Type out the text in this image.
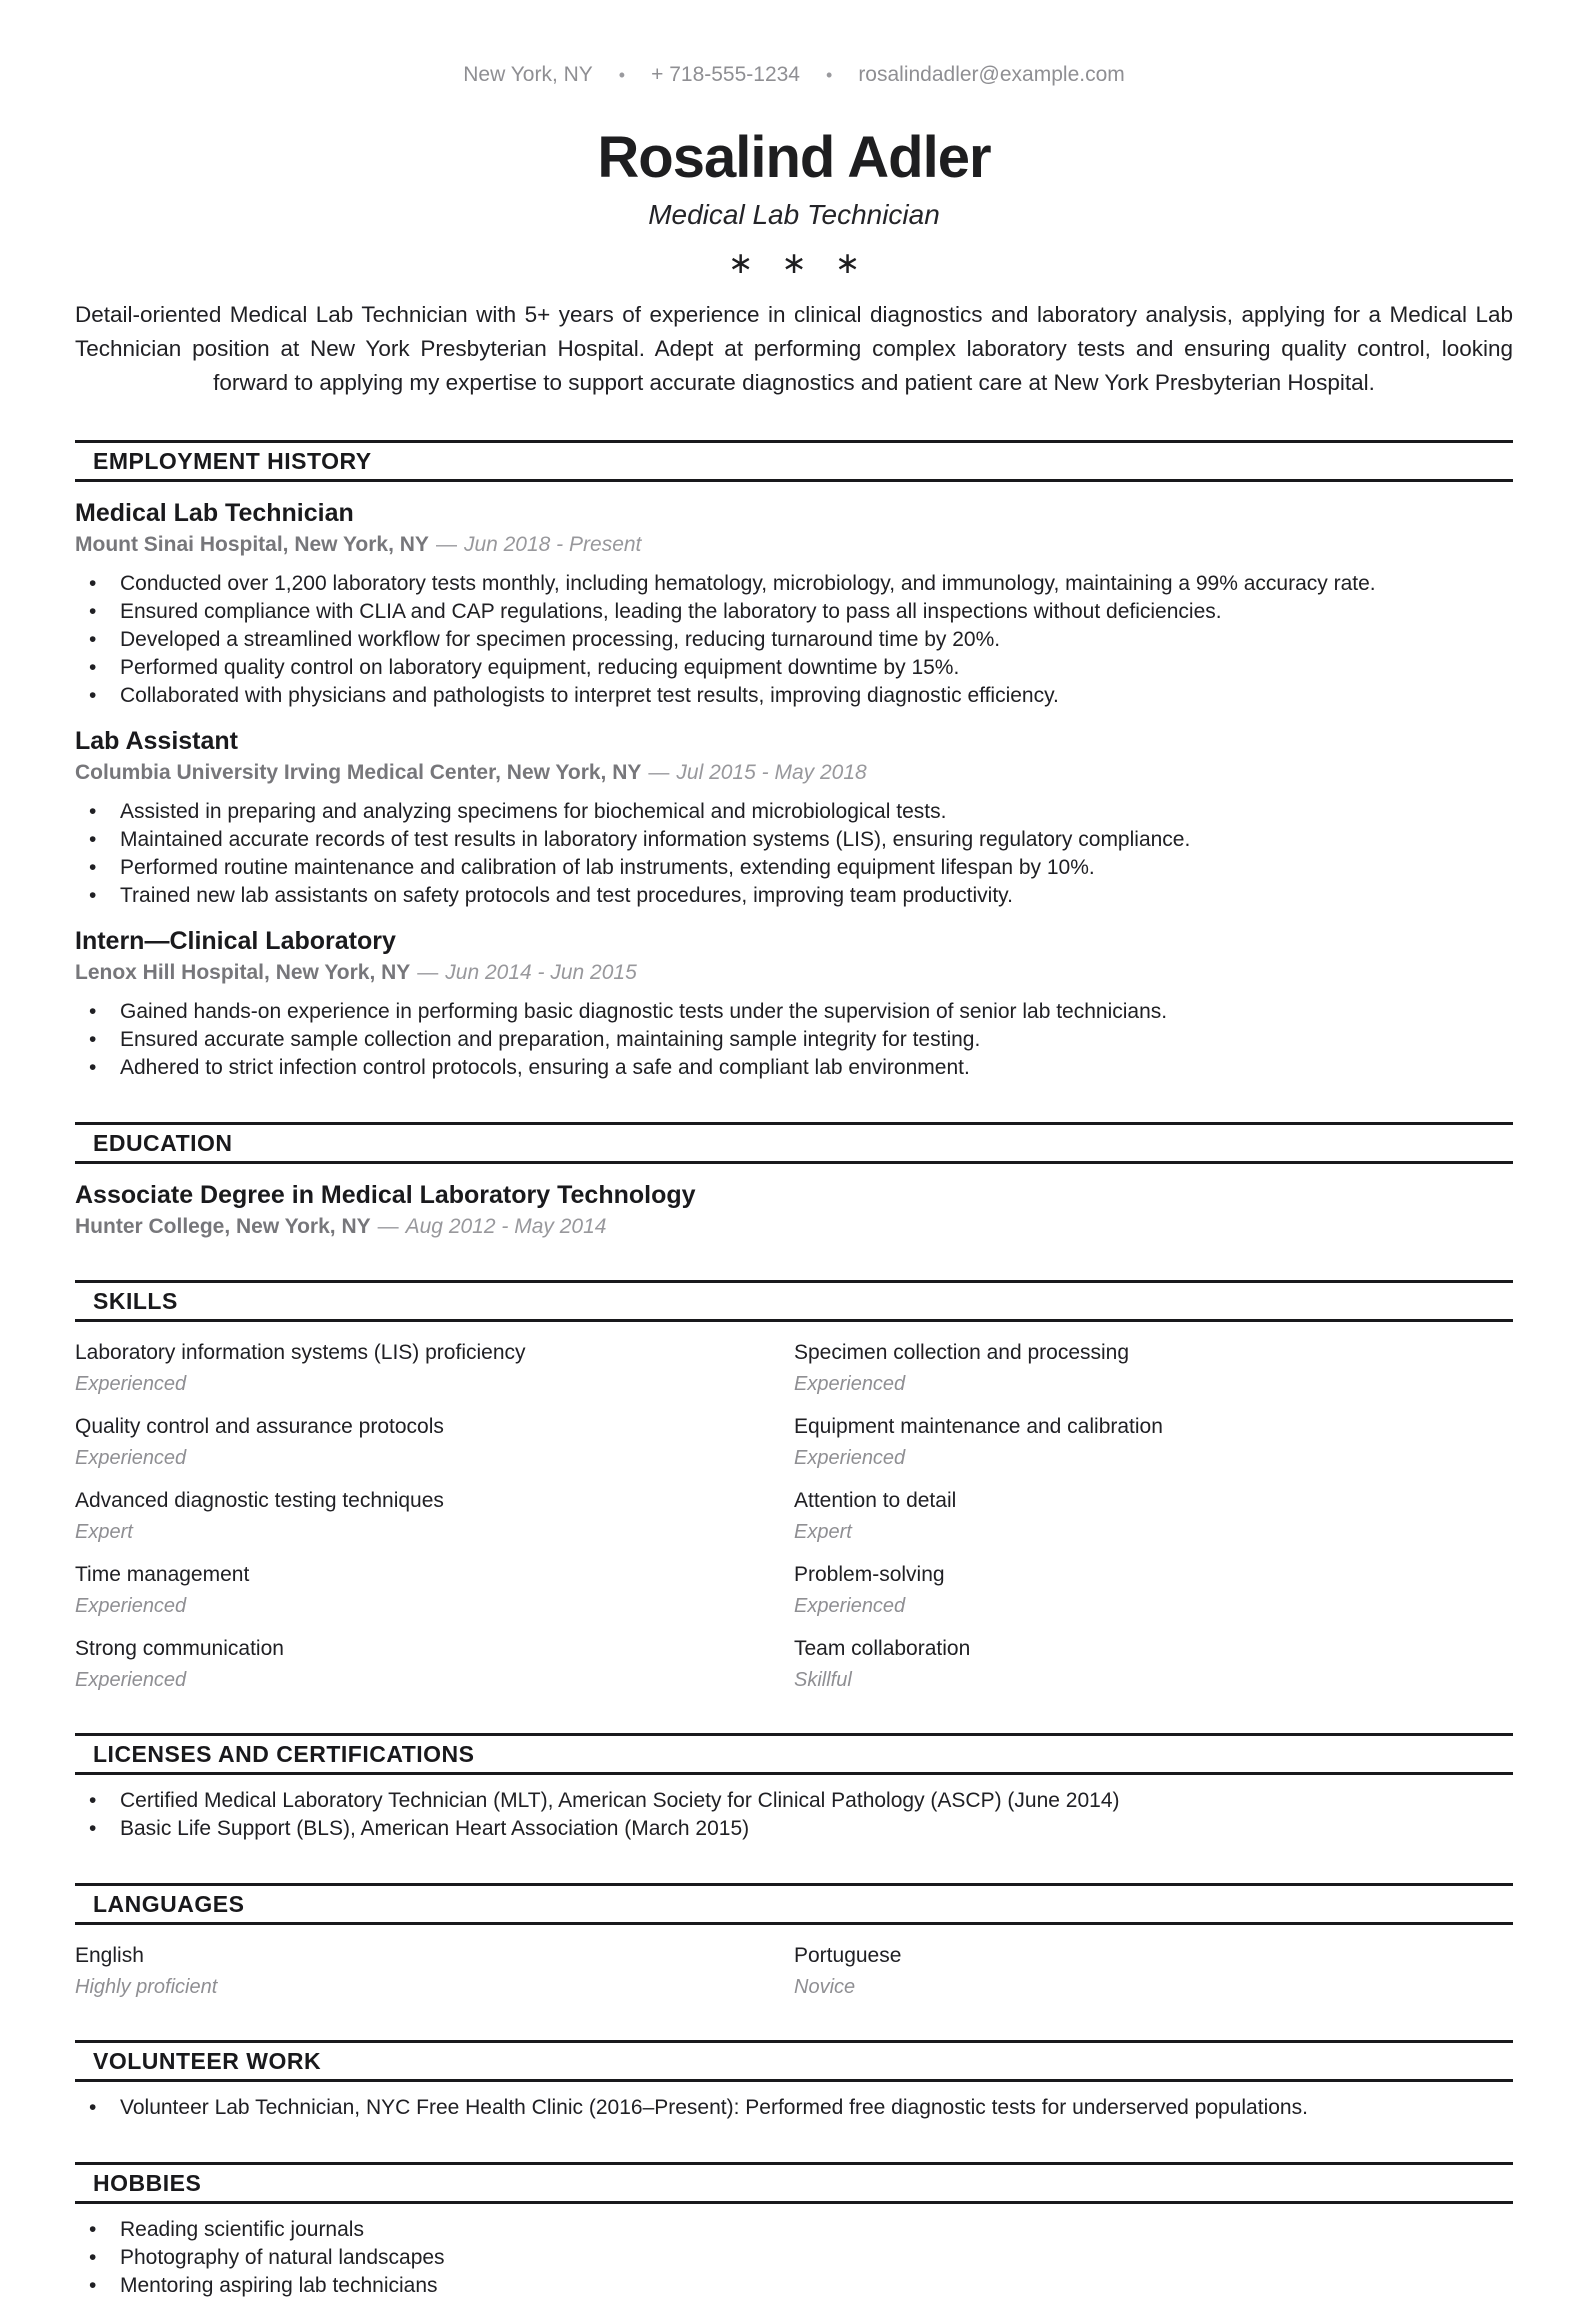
New York, NY • + 718-555-1234 • rosalindadler@example.com
Rosalind Adler
Medical Lab Technician
∗ ∗ ∗

Detail-oriented Medical Lab Technician with 5+ years of experience in clinical diagnostics and laboratory analysis, applying for a Medical Lab Technician position at New York Presbyterian Hospital. Adept at performing complex laboratory tests and ensuring quality control, looking forward to applying my expertise to support accurate diagnostics and patient care at New York Presbyterian Hospital.

EMPLOYMENT HISTORY
Medical Lab Technician

Mount Sinai Hospital, New York, NY — Jun 2018 - Present

• Conducted over 1,200 laboratory tests monthly, including hematology, microbiology, and immunology, maintaining a 99% accuracy rate.
• Ensured compliance with CLIA and CAP regulations, leading the laboratory to pass all inspections without deficiencies.
• Developed a streamlined workflow for specimen processing, reducing turnaround time by 20%.
• Performed quality control on laboratory equipment, reducing equipment downtime by 15%.
• Collaborated with physicians and pathologists to interpret test results, improving diagnostic efficiency.
Lab Assistant

Columbia University Irving Medical Center, New York, NY — Jul 2015 - May 2018

• Assisted in preparing and analyzing specimens for biochemical and microbiological tests.
• Maintained accurate records of test results in laboratory information systems (LIS), ensuring regulatory compliance.
• Performed routine maintenance and calibration of lab instruments, extending equipment lifespan by 10%.
• Trained new lab assistants on safety protocols and test procedures, improving team productivity.
Intern—Clinical Laboratory

Lenox Hill Hospital, New York, NY — Jun 2014 - Jun 2015

• Gained hands-on experience in performing basic diagnostic tests under the supervision of senior lab technicians.
• Ensured accurate sample collection and preparation, maintaining sample integrity for testing.
• Adhered to strict infection control protocols, ensuring a safe and compliant lab environment.
EDUCATION
Associate Degree in Medical Laboratory Technology

Hunter College, New York, NY — Aug 2012 - May 2014

SKILLS
Laboratory information systems (LIS) proficiency
Experienced
Specimen collection and processing
Experienced
Quality control and assurance protocols
Experienced
Equipment maintenance and calibration
Experienced
Advanced diagnostic testing techniques
Expert
Attention to detail
Expert
Time management
Experienced
Problem-solving
Experienced
Strong communication
Experienced
Team collaboration
Skillful
LICENSES AND CERTIFICATIONS
• Certified Medical Laboratory Technician (MLT), American Society for Clinical Pathology (ASCP) (June 2014)
• Basic Life Support (BLS), American Heart Association (March 2015)
LANGUAGES
English
Highly proficient
Portuguese
Novice
VOLUNTEER WORK
• Volunteer Lab Technician, NYC Free Health Clinic (2016–Present): Performed free diagnostic tests for underserved populations.
HOBBIES
• Reading scientific journals
• Photography of natural landscapes
• Mentoring aspiring lab technicians
